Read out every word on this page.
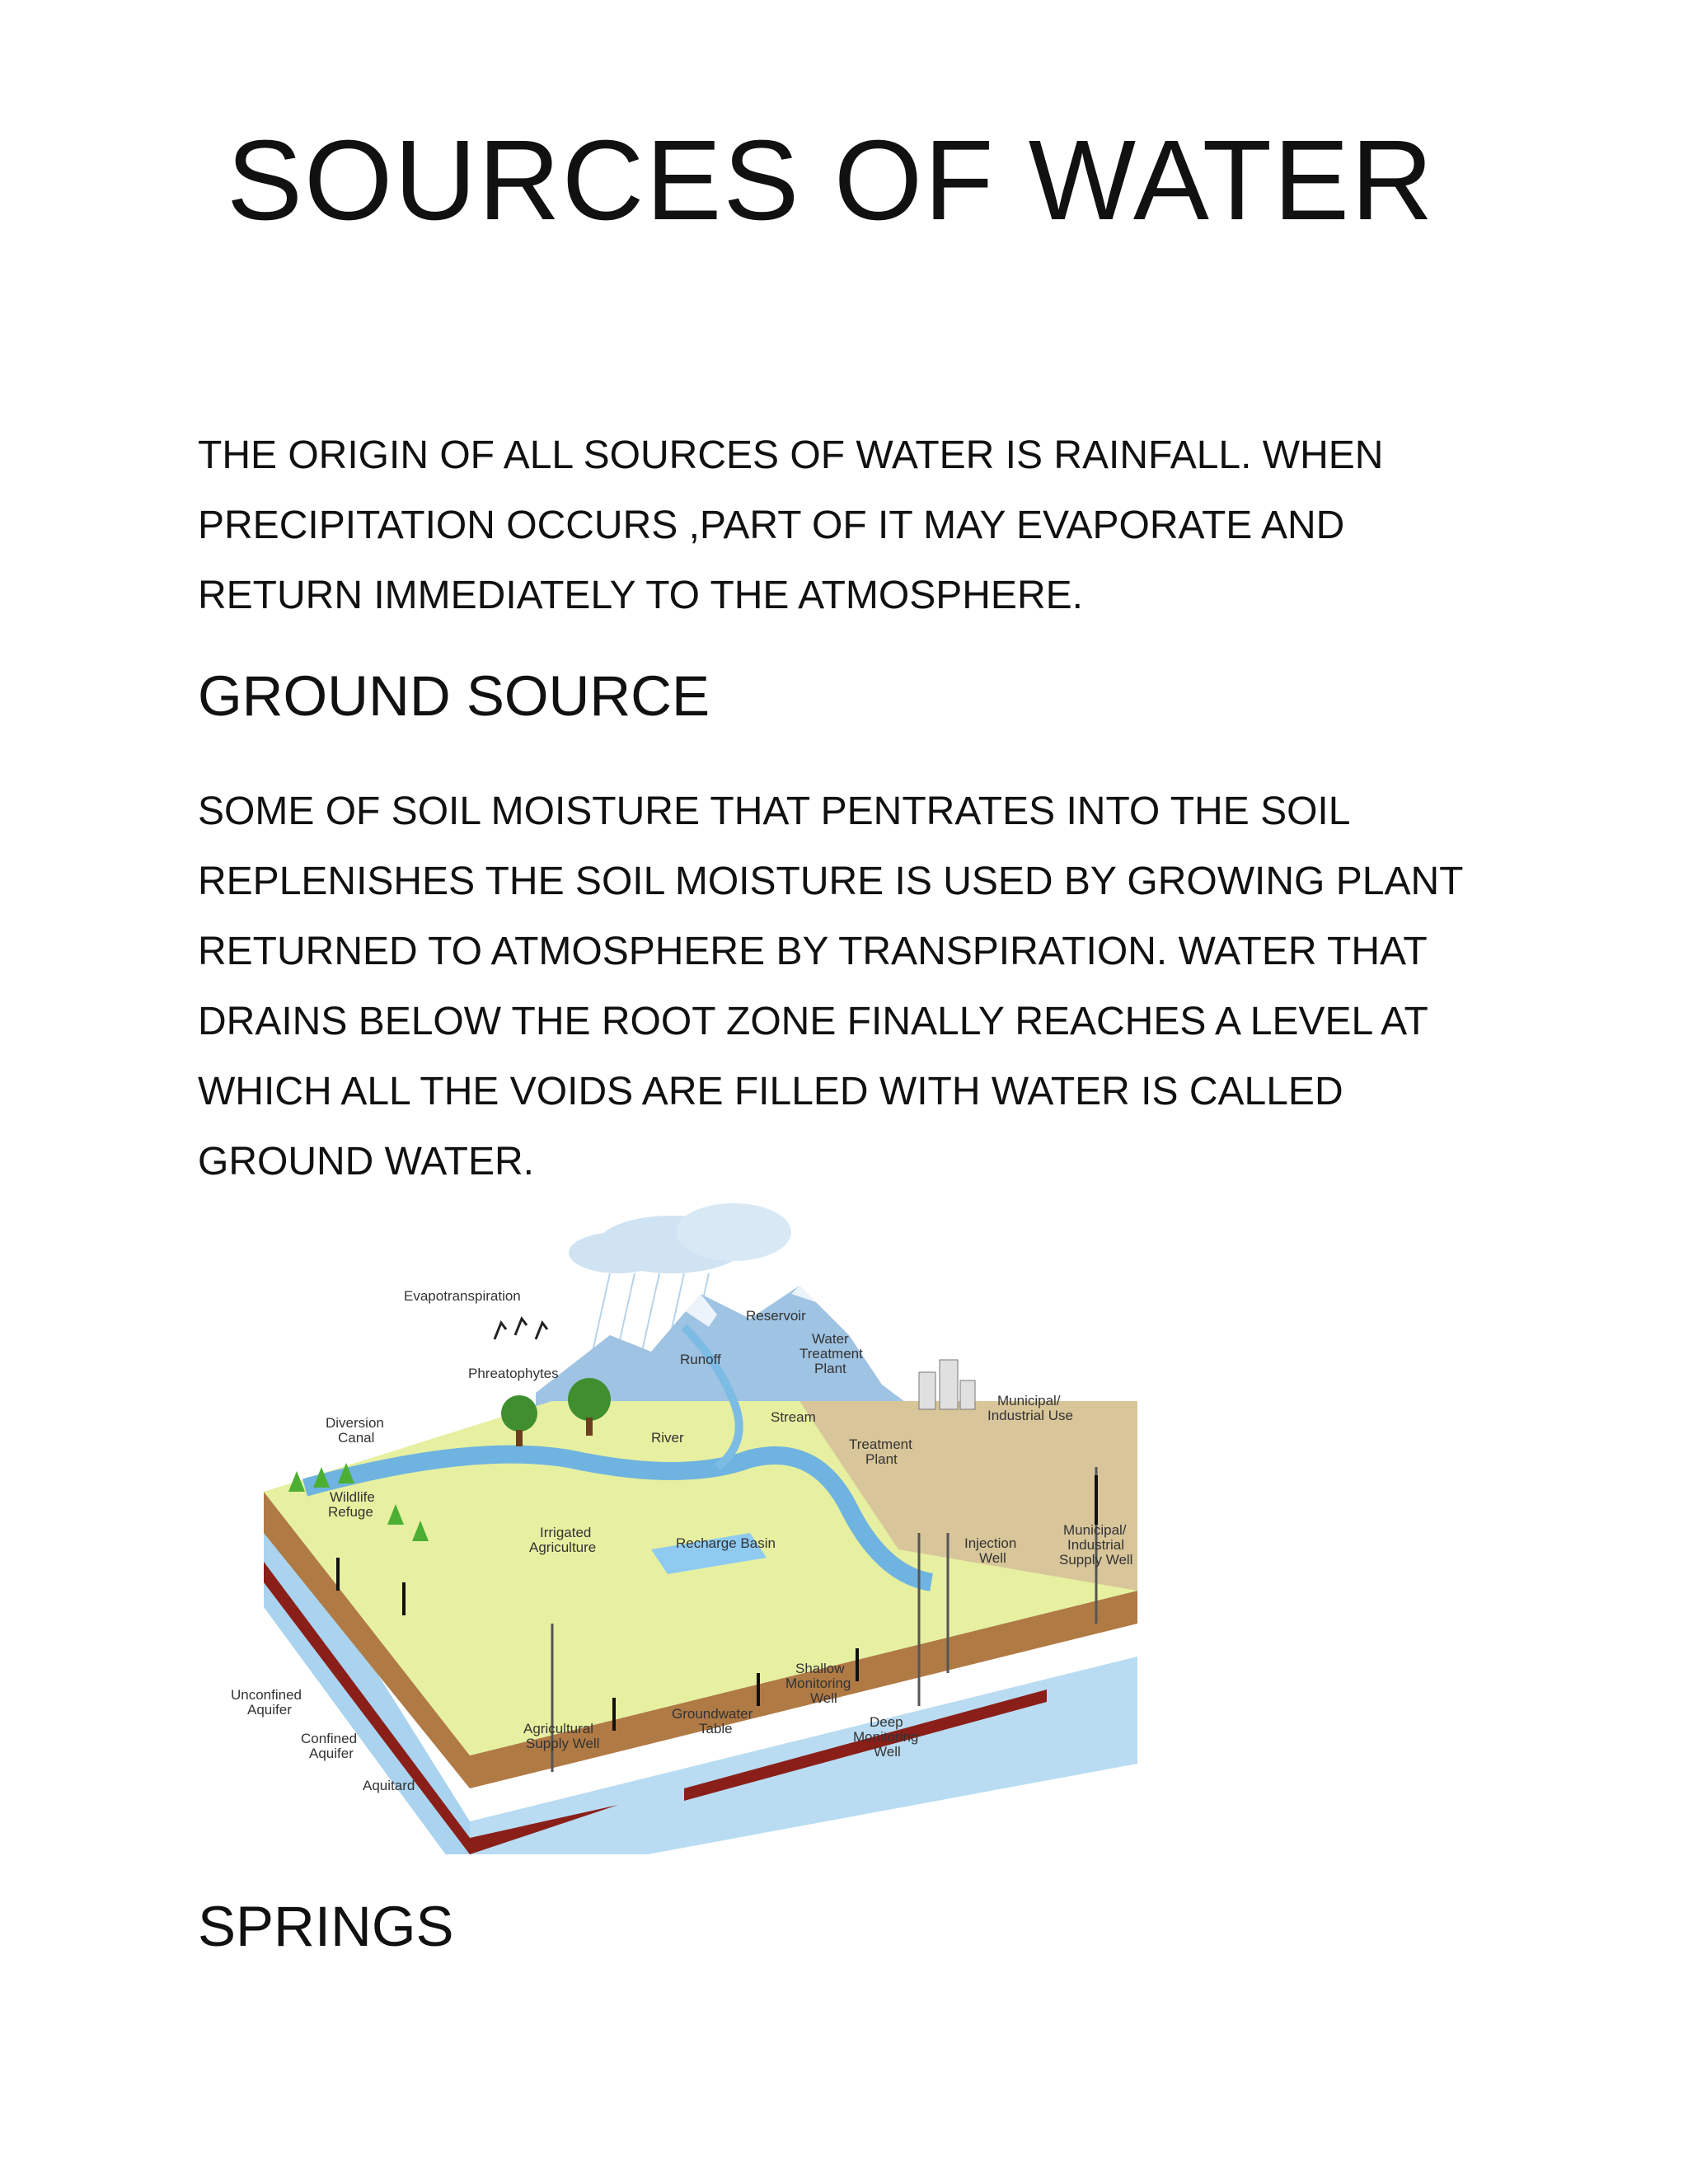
SOURCES OF WATER

THE ORIGIN OF ALL SOURCES OF WATER IS RAINFALL. WHEN
PRECIPITATION OCCURS ,PART OF IT MAY EVAPORATE AND
RETURN IMMEDIATELY TO THE ATMOSPHERE.

GROUND SOURCE

SOME OF SOIL MOISTURE THAT PENTRATES INTO THE SOIL
REPLENISHES THE SOIL MOISTURE IS USED BY GROWING PLANT
RETURNED TO ATMOSPHERE BY TRANSPIRATION. WATER THAT
DRAINS BELOW THE ROOT ZONE FINALLY REACHES A LEVEL AT
WHICH ALL THE VOIDS ARE FILLED WITH WATER IS CALLED
GROUND WATER.

Evapotranspiration
Reservoir
Runoff
Water
Treatment
Plant
Phreatophytes
Stream
Municipal/
Industrial Use
Diversion
Canal	River	Treatment
Plant
Wildlife
Refuge
Irrigated
Agriculture	Recharge Basin	Injection
Well
Municipal/
Industrial
Supply Well
Shallow
Monitoring
Well
Unconfined
Aquifer	Groundwater
Table	Deep
Monitoring
Well
Confined
Aquifer
Agricultural
Supply Well
Aquitard
SPRINGS
